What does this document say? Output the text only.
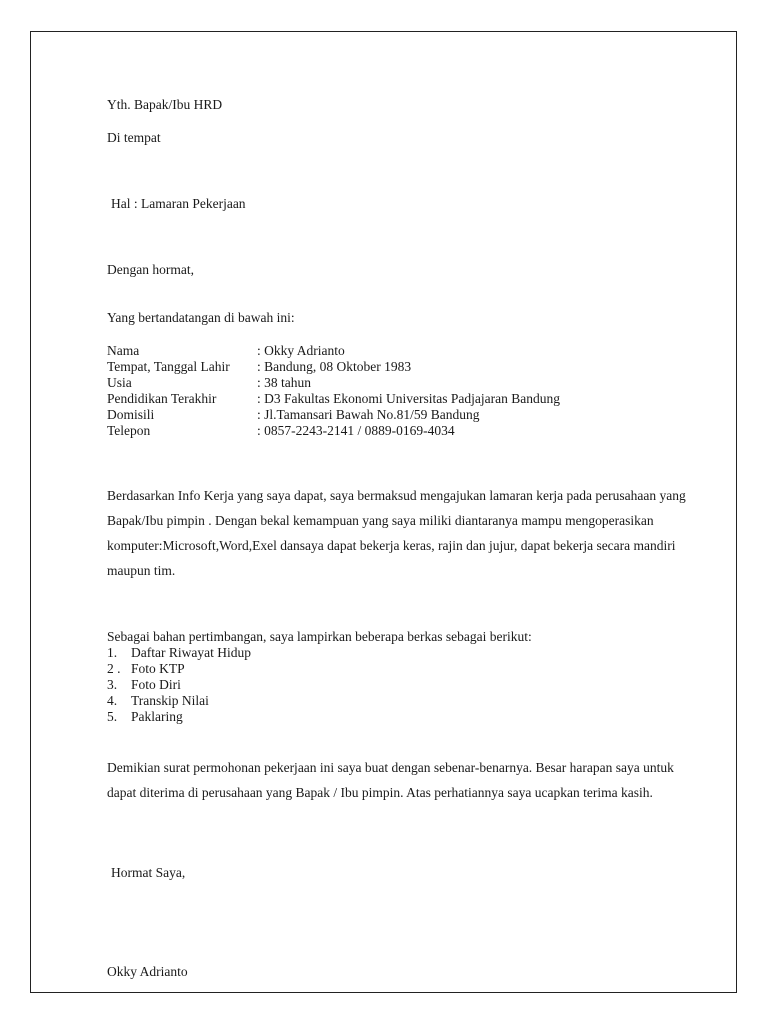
Yth. Bapak/Ibu HRD
Di tempat
Hal : Lamaran Pekerjaan
Dengan hormat,
Yang bertandatangan di bawah ini:
Nama	: Okky Adrianto
Tempat, Tanggal Lahir : Bandung, 08 Oktober 1983
Usia	: 38 tahun
Pendidikan Terakhir	: D3 Fakultas Ekonomi Universitas Padjajaran Bandung
Domisili	: Jl.Tamansari Bawah No.81/59 Bandung
Telepon	: 0857-2243-2141 / 0889-0169-4034
Berdasarkan Info Kerja yang saya dapat, saya bermaksud mengajukan lamaran kerja pada perusahaan yang
Bapak/Ibu pimpin . Dengan bekal kemampuan yang saya miliki diantaranya mampu mengoperasikan
komputer:Microsoft,Word,Exel dansaya dapat bekerja keras, rajin dan jujur, dapat bekerja secara mandiri
maupun tim.
Sebagai bahan pertimbangan, saya lampirkan beberapa berkas sebagai berikut:
1. Daftar Riwayat Hidup
2 . Foto KTP
3. Foto Diri
4. Transkip Nilai
5. Paklaring
Demikian surat permohonan pekerjaan ini saya buat dengan sebenar-benarnya. Besar harapan saya untuk
dapat diterima di perusahaan yang Bapak / Ibu pimpin. Atas perhatiannya saya ucapkan terima kasih.
Hormat Saya,
Okky Adrianto
